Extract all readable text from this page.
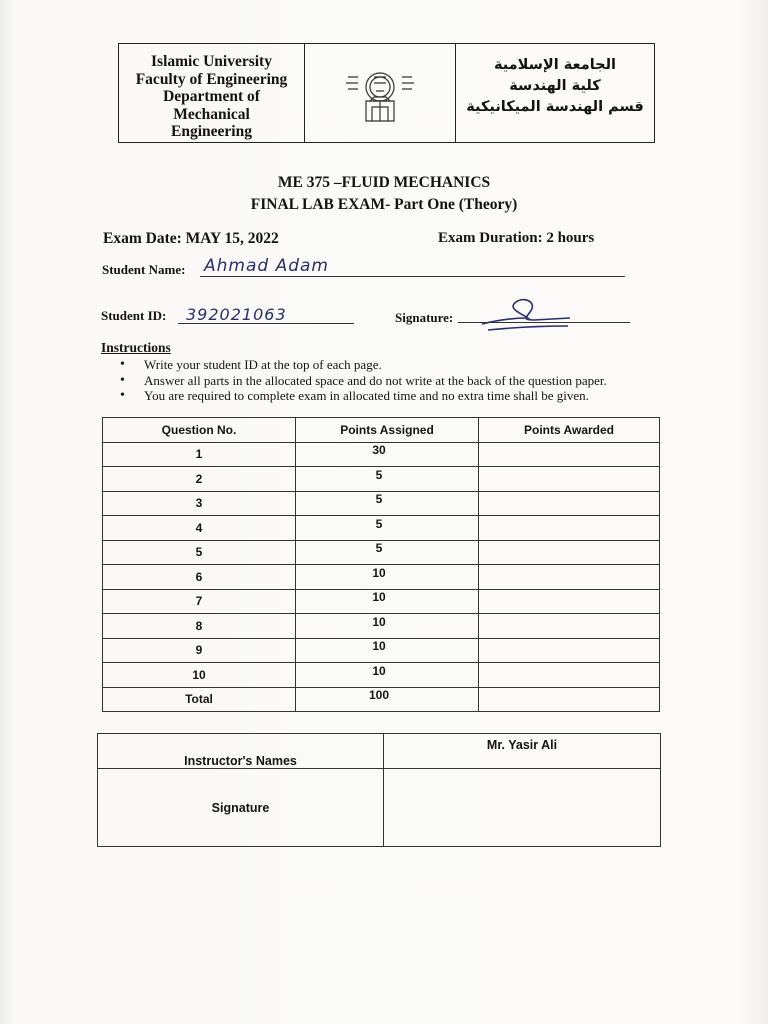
Islamic University
Faculty of Engineering
Department of
Mechanical
Engineering
الجامعة الإسلامية
كلية الهندسة
قسم الهندسة الميكانيكية
ME 375 –FLUID MECHANICS
FINAL LAB EXAM- Part One (Theory)
Exam Date: MAY 15, 2022	Exam Duration: 2 hours
Student Name: Ahmad Adam
Student ID: 392021063	Signature:
Instructions
• Write your student ID at the top of each page.
• Answer all parts in the allocated space and do not write at the back of the question paper.
• You are required to complete exam in allocated time and no extra time shall be given.
Question No.	Points Assigned	Points Awarded
1	30	
2	5	
3	5	
4	5	
5	5	
6	10	
7	10	
8	10	
9	10	
10	10	
Total	100	
Instructor's Names	Mr. Yasir Ali
Signature	
